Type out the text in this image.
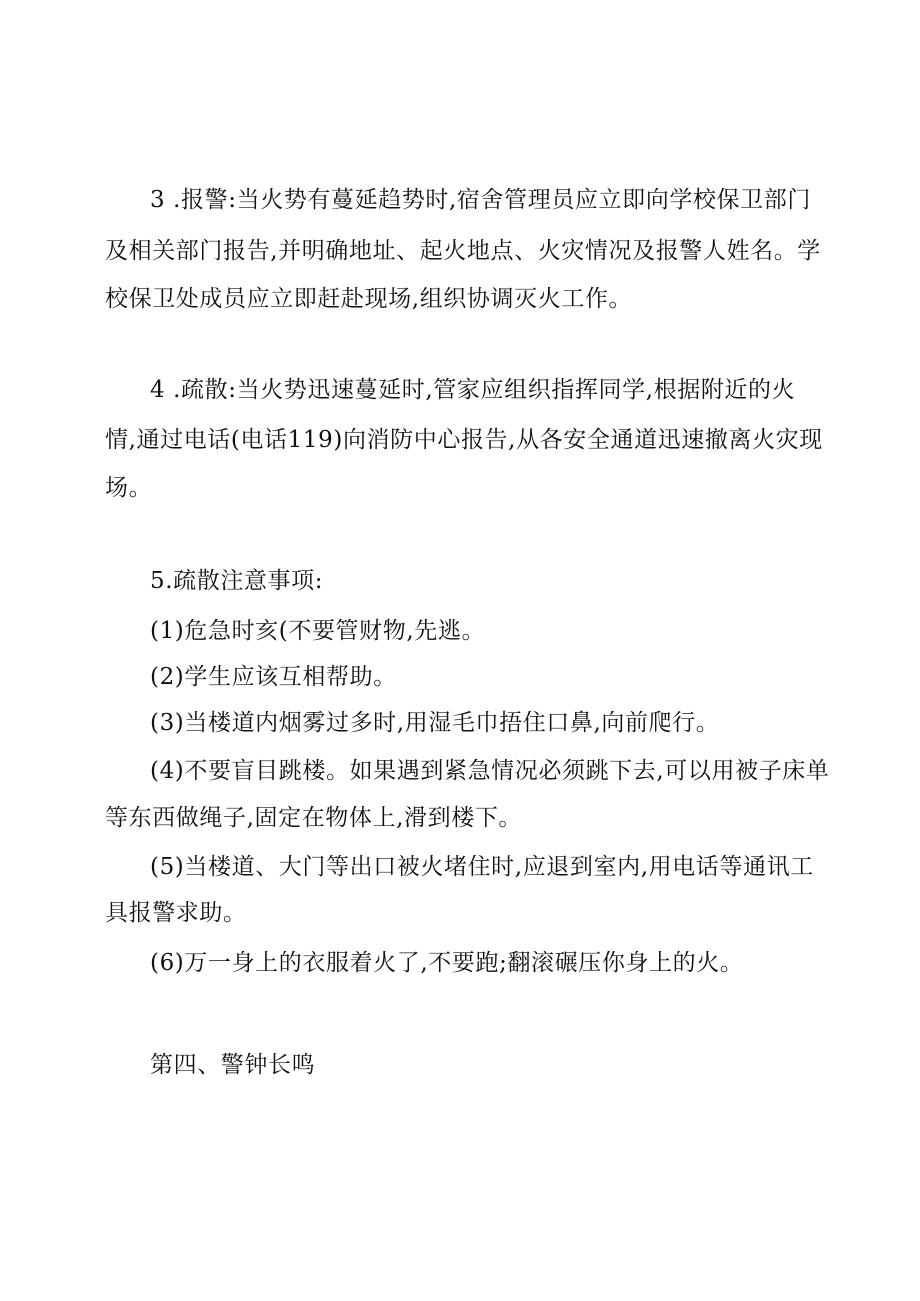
3 .报警:当火势有蔓延趋势时,宿舍管理员应立即向学校保卫部门
及相关部门报告,并明确地址、起火地点、火灾情况及报警人姓名。学
校保卫处成员应立即赶赴现场,组织协调灭火工作。
4 .疏散:当火势迅速蔓延时,管家应组织指挥同学,根据附近的火
情,通过电话(电话119)向消防中心报告,从各安全通道迅速撤离火灾现
场。
5.疏散注意事项:
(1)危急时亥(不要管财物,先逃。
(2)学生应该互相帮助。
(3)当楼道内烟雾过多时,用湿毛巾捂住口鼻,向前爬行。
(4)不要盲目跳楼。如果遇到紧急情况必须跳下去,可以用被子床单
等东西做绳子,固定在物体上,滑到楼下。
(5)当楼道、大门等出口被火堵住时,应退到室内,用电话等通讯工
具报警求助。
(6)万一身上的衣服着火了,不要跑;翻滚碾压你身上的火。
第四、警钟长鸣
